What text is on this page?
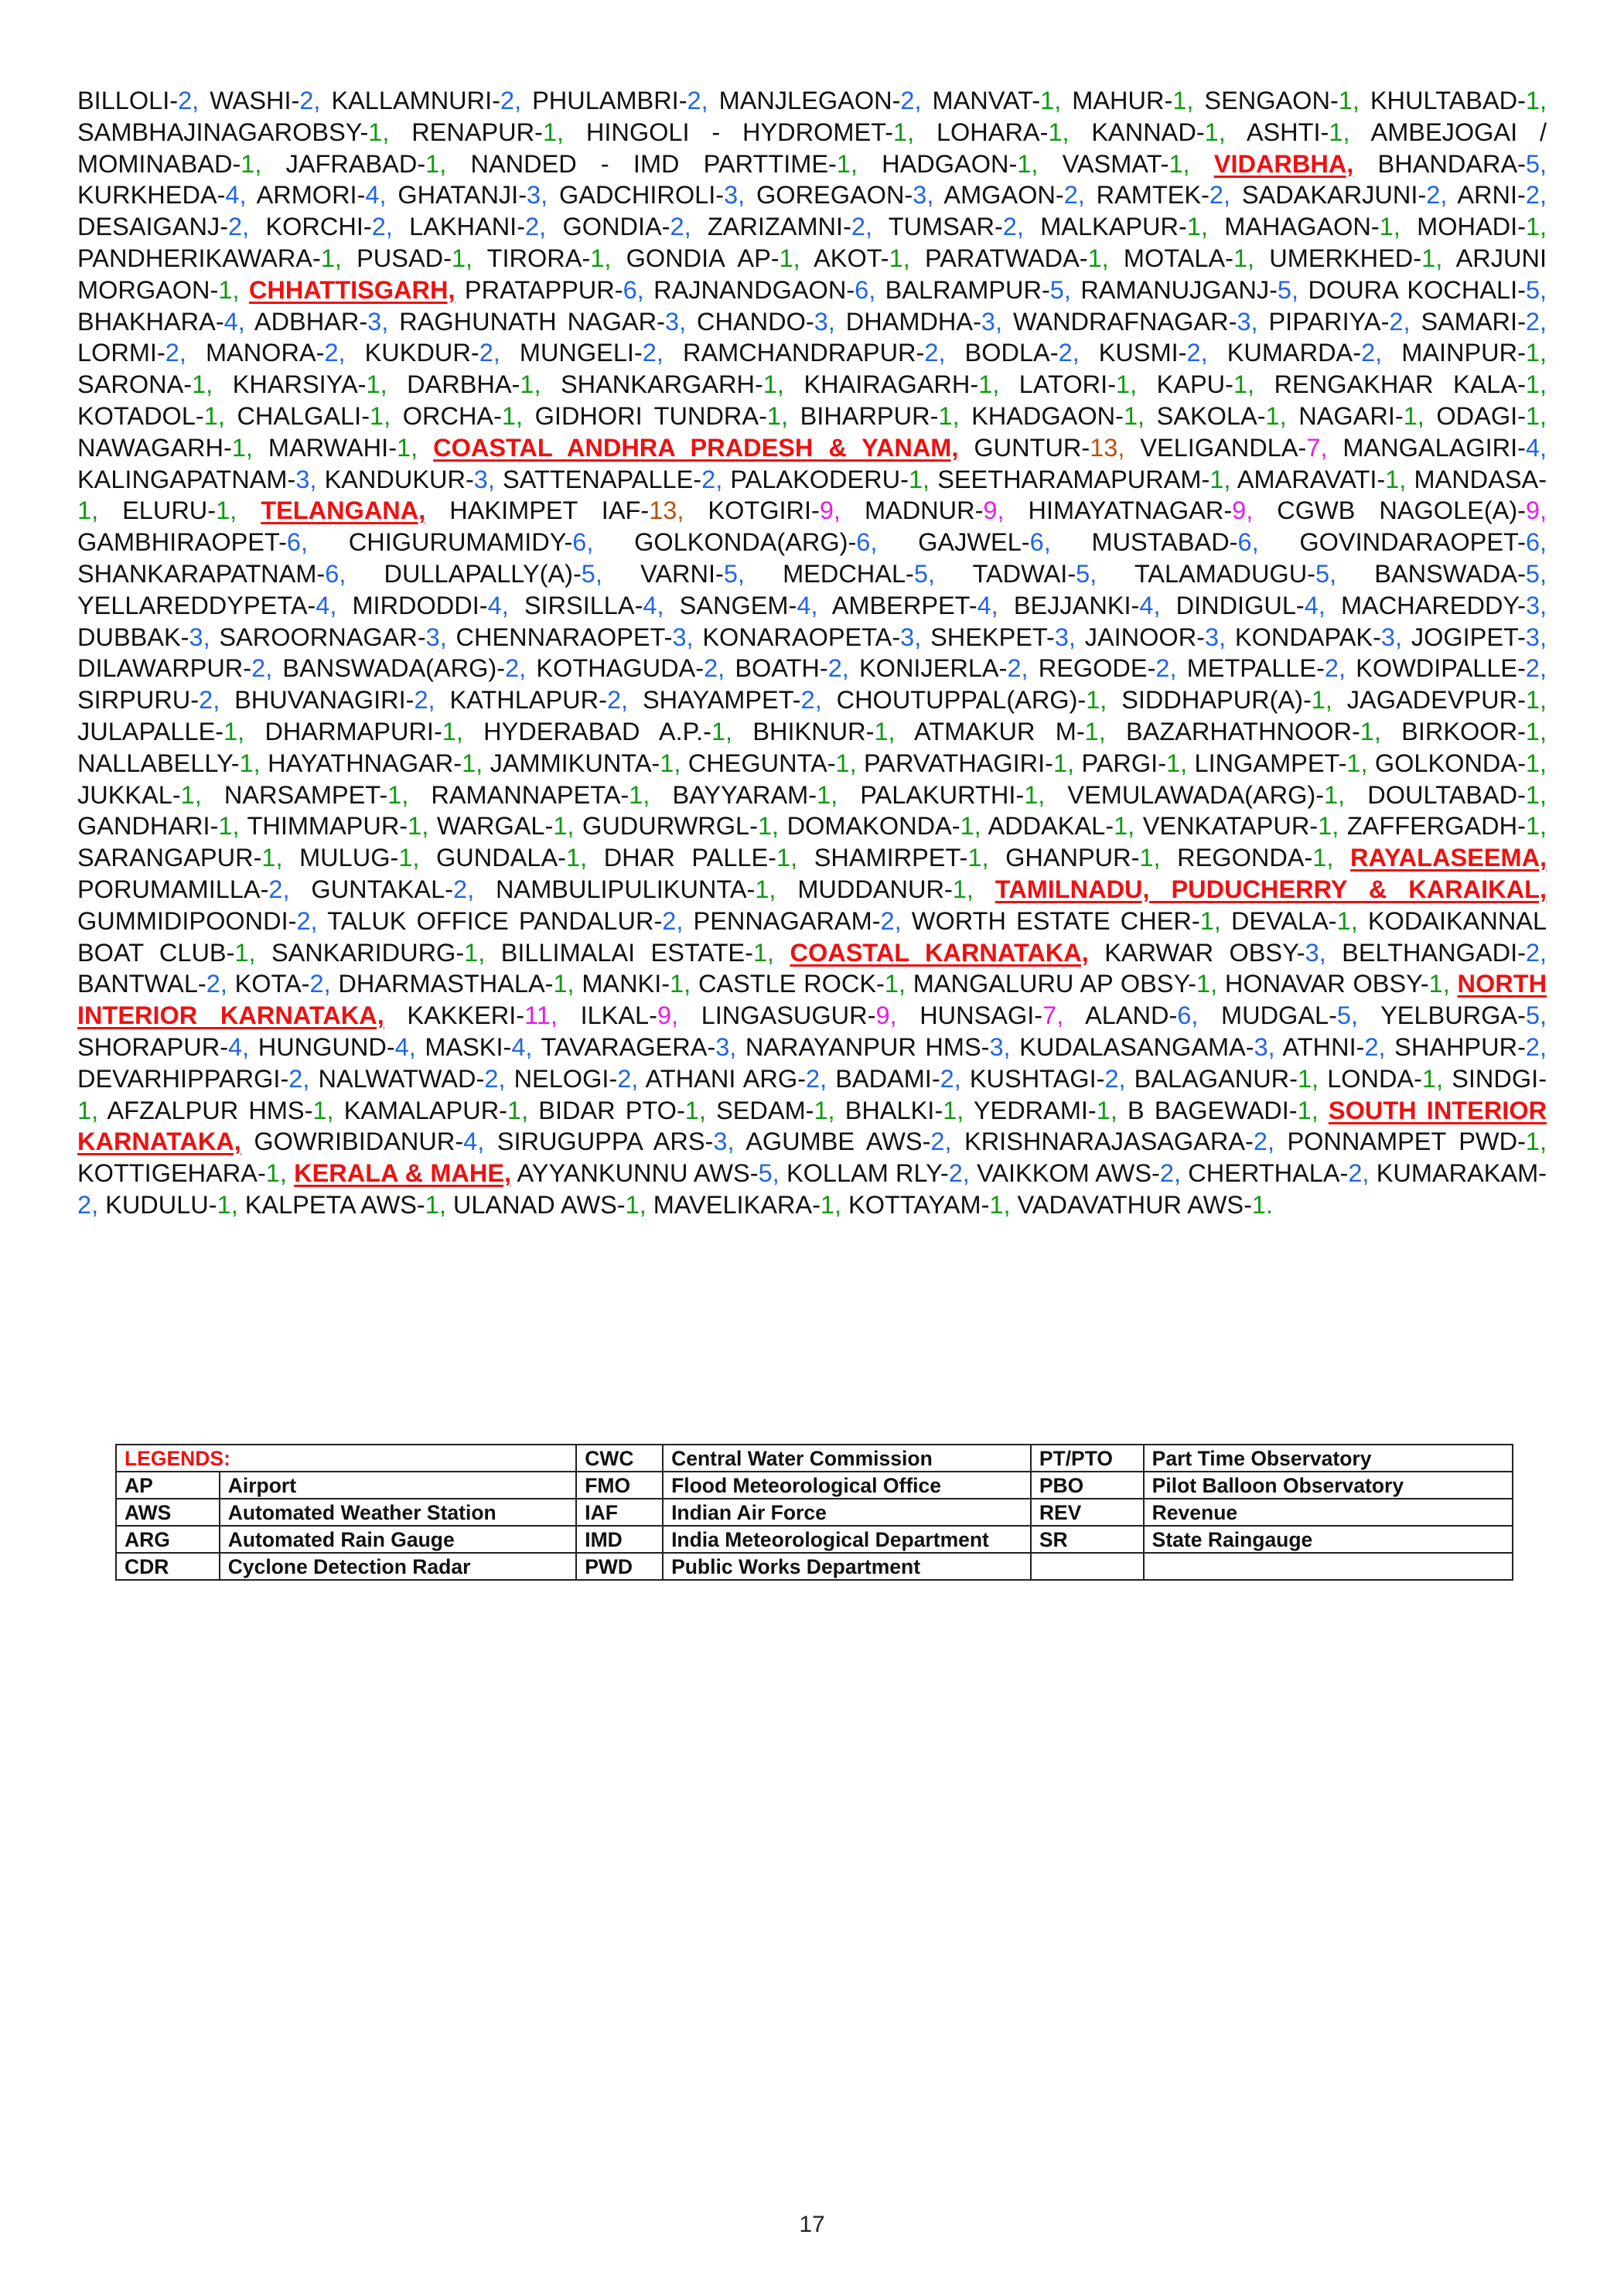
BILLOLI-2, WASHI-2, KALLAMNURI-2, PHULAMBRI-2, MANJLEGAON-2, MANVAT-1, MAHUR-1, SENGAON-1, KHULTABAD-1, SAMBHAJINAGAROBSY-1, RENAPUR-1, HINGOLI - HYDROMET-1, LOHARA-1, KANNAD-1, ASHTI-1, AMBEJOGAI / MOMINABAD-1, JAFRABAD-1, NANDED - IMD PARTTIME-1, HADGAON-1, VASMAT-1, VIDARBHA, BHANDARA-5, KURKHEDA-4, ARMORI-4, GHATANJI-3, GADCHIROLI-3, GOREGAON-3, AMGAON-2, RAMTEK-2, SADAKARJUNI-2, ARNI-2, DESAIGANJ-2, KORCHI-2, LAKHANI-2, GONDIA-2, ZARIZAMNI-2, TUMSAR-2, MALKAPUR-1, MAHAGAON-1, MOHADI-1, PANDHERIKAWARA-1, PUSAD-1, TIRORA-1, GONDIA AP-1, AKOT-1, PARATWADA-1, MOTALA-1, UMERKHED-1, ARJUNI MORGAON-1, CHHATTISGARH, PRATAPPUR-6, RAJNANDGAON-6, BALRAMPUR-5, RAMANUJGANJ-5, DOURA KOCHALI-5, BHAKHARA-4, ADBHAR-3, RAGHUNATH NAGAR-3, CHANDO-3, DHAMDHA-3, WANDRAFNAGAR-3, PIPARIYA-2, SAMARI-2, LORMI-2, MANORA-2, KUKDUR-2, MUNGELI-2, RAMCHANDRAPUR-2, BODLA-2, KUSMI-2, KUMARDA-2, MAINPUR-1, SARONA-1, KHARSIYA-1, DARBHA-1, SHANKARGARH-1, KHAIRAGARH-1, LATORI-1, KAPU-1, RENGAKHAR KALA-1, KOTADOL-1, CHALGALI-1, ORCHA-1, GIDHORI TUNDRA-1, BIHARPUR-1, KHADGAON-1, SAKOLA-1, NAGARI-1, ODAGI-1, NAWAGARH-1, MARWAHI-1, COASTAL ANDHRA PRADESH & YANAM, GUNTUR-13, VELIGANDLA-7, MANGALAGIRI-4, KALINGAPATNAM-3, KANDUKUR-3, SATTENAPALLE-2, PALAKODERU-1, SEETHARAMAPURAM-1, AMARAVATI-1, MANDASA-1, ELURU-1, TELANGANA, HAKIMPET IAF-13, KOTGIRI-9, MADNUR-9, HIMAYATNAGAR-9, CGWB NAGOLE(A)-9, GAMBHIRAOPET-6, CHIGURUMAMIDY-6, GOLKONDA(ARG)-6, GAJWEL-6, MUSTABAD-6, GOVINDARAOPET-6, SHANKARAPATNAM-6, DULLAPALLY(A)-5, VARNI-5, MEDCHAL-5, TADWAI-5, TALAMADUGU-5, BANSWADA-5, YELLAREDDYPETA-4, MIRDODDI-4, SIRSILLA-4, SANGEM-4, AMBERPET-4, BEJJANKI-4, DINDIGUL-4, MACHAREDDY-3, DUBBAK-3, SAROORNAGAR-3, CHENNARAOPET-3, KONARAOPETA-3, SHEKPET-3, JAINOOR-3, KONDAPAK-3, JOGIPET-3, DILAWARPUR-2, BANSWADA(ARG)-2, KOTHAGUDA-2, BOATH-2, KONIJERLA-2, REGODE-2, METPALLE-2, KOWDIPALLE-2, SIRPURU-2, BHUVANAGIRI-2, KATHLAPUR-2, SHAYAMPET-2, CHOUTUPPAL(ARG)-1, SIDDHAPUR(A)-1, JAGADEVPUR-1, JULAPALLE-1, DHARMAPURI-1, HYDERABAD A.P.-1, BHIKNUR-1, ATMAKUR M-1, BAZARHATHNOOR-1, BIRKOOR-1, NALLABELLY-1, HAYATHNAGAR-1, JAMMIKUNTA-1, CHEGUNTA-1, PARVATHAGIRI-1, PARGI-1, LINGAMPET-1, GOLKONDA-1, JUKKAL-1, NARSAMPET-1, RAMANNAPETA-1, BAYYARAM-1, PALAKURTHI-1, VEMULAWADA(ARG)-1, DOULTABAD-1, GANDHARI-1, THIMMAPUR-1, WARGAL-1, GUDURWRGL-1, DOMAKONDA-1, ADDAKAL-1, VENKATAPUR-1, ZAFFERGADH-1, SARANGAPUR-1, MULUG-1, GUNDALA-1, DHAR PALLE-1, SHAMIRPET-1, GHANPUR-1, REGONDA-1, RAYALASEEMA, PORUMAMILLA-2, GUNTAKAL-2, NAMBULIPULIKUNTA-1, MUDDANUR-1, TAMILNADU, PUDUCHERRY & KARAIKAL, GUMMIDIPOONDI-2, TALUK OFFICE PANDALUR-2, PENNAGARAM-2, WORTH ESTATE CHER-1, DEVALA-1, KODAIKANNAL BOAT CLUB-1, SANKARIDURG-1, BILLIMALAI ESTATE-1, COASTAL KARNATAKA, KARWAR OBSY-3, BELTHANGADI-2, BANTWAL-2, KOTA-2, DHARMASTHALA-1, MANKI-1, CASTLE ROCK-1, MANGALURU AP OBSY-1, HONAVAR OBSY-1, NORTH INTERIOR KARNATAKA, KAKKERI-11, ILKAL-9, LINGASUGUR-9, HUNSAGI-7, ALAND-6, MUDGAL-5, YELBURGA-5, SHORAPUR-4, HUNGUND-4, MASKI-4, TAVARAGERA-3, NARAYANPUR HMS-3, KUDALASANGAMA-3, ATHNI-2, SHAHPUR-2, DEVARHIPPARGI-2, NALWATWAD-2, NELOGI-2, ATHANI ARG-2, BADAMI-2, KUSHTAGI-2, BALAGANUR-1, LONDA-1, SINDGI-1, AFZALPUR HMS-1, KAMALAPUR-1, BIDAR PTO-1, SEDAM-1, BHALKI-1, YEDRAMI-1, B BAGEWADI-1, SOUTH INTERIOR KARNATAKA, GOWRIBIDANUR-4, SIRUGUPPA ARS-3, AGUMBE AWS-2, KRISHNARAJASAGARA-2, PONNAMPET PWD-1, KOTTIGEHARA-1, KERALA & MAHE, AYYANKUNNU AWS-5, KOLLAM RLY-2, VAIKKOM AWS-2, CHERTHALA-2, KUMARAKAM-2, KUDULU-1, KALPETA AWS-1, ULANAD AWS-1, MAVELIKARA-1, KOTTAYAM-1, VADAVATHUR AWS-1.

LEGENDS:		CWC	Central Water Commission	PT/PTO	Part Time Observatory
AP	Airport	FMO	Flood Meteorological Office	PBO	Pilot Balloon Observatory
AWS	Automated Weather Station	IAF	Indian Air Force	REV	Revenue
ARG	Automated Rain Gauge	IMD	India Meteorological Department	SR	State Raingauge
CDR	Cyclone Detection Radar	PWD	Public Works Department		
17
